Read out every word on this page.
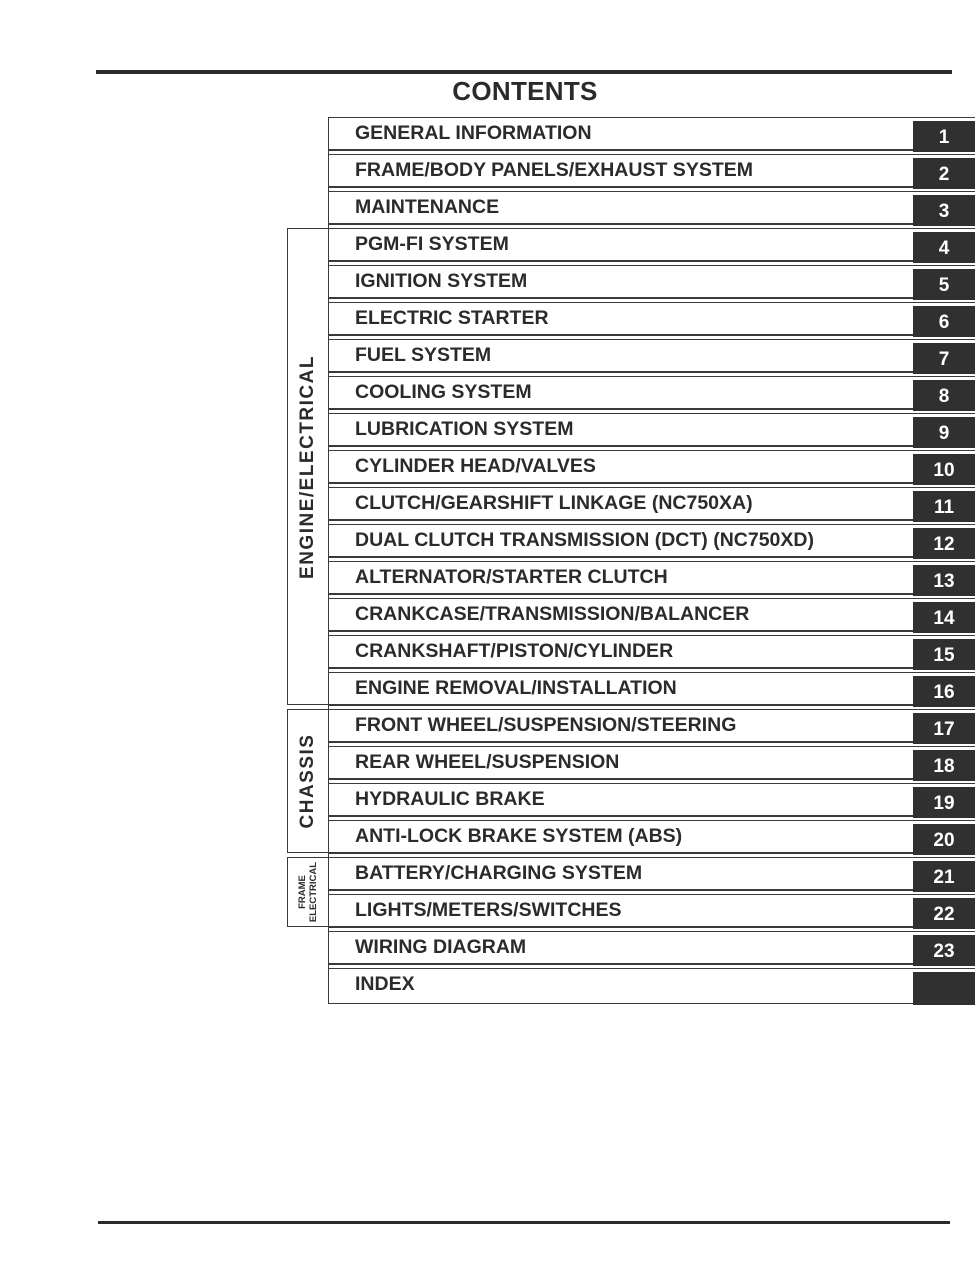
CONTENTS
ENGINE/ELECTRICAL
CHASSIS
FRAME ELECTRICAL
GENERAL INFORMATION	1
FRAME/BODY PANELS/EXHAUST SYSTEM	2
MAINTENANCE	3
PGM-FI SYSTEM	4
IGNITION SYSTEM	5
ELECTRIC STARTER	6
FUEL SYSTEM	7
COOLING SYSTEM	8
LUBRICATION SYSTEM	9
CYLINDER HEAD/VALVES	10
CLUTCH/GEARSHIFT LINKAGE (NC750XA)	11
DUAL CLUTCH TRANSMISSION (DCT) (NC750XD)	12
ALTERNATOR/STARTER CLUTCH	13
CRANKCASE/TRANSMISSION/BALANCER	14
CRANKSHAFT/PISTON/CYLINDER	15
ENGINE REMOVAL/INSTALLATION	16
FRONT WHEEL/SUSPENSION/STEERING	17
REAR WHEEL/SUSPENSION	18
HYDRAULIC BRAKE	19
ANTI-LOCK BRAKE SYSTEM (ABS)	20
BATTERY/CHARGING SYSTEM	21
LIGHTS/METERS/SWITCHES	22
WIRING DIAGRAM	23
INDEX
